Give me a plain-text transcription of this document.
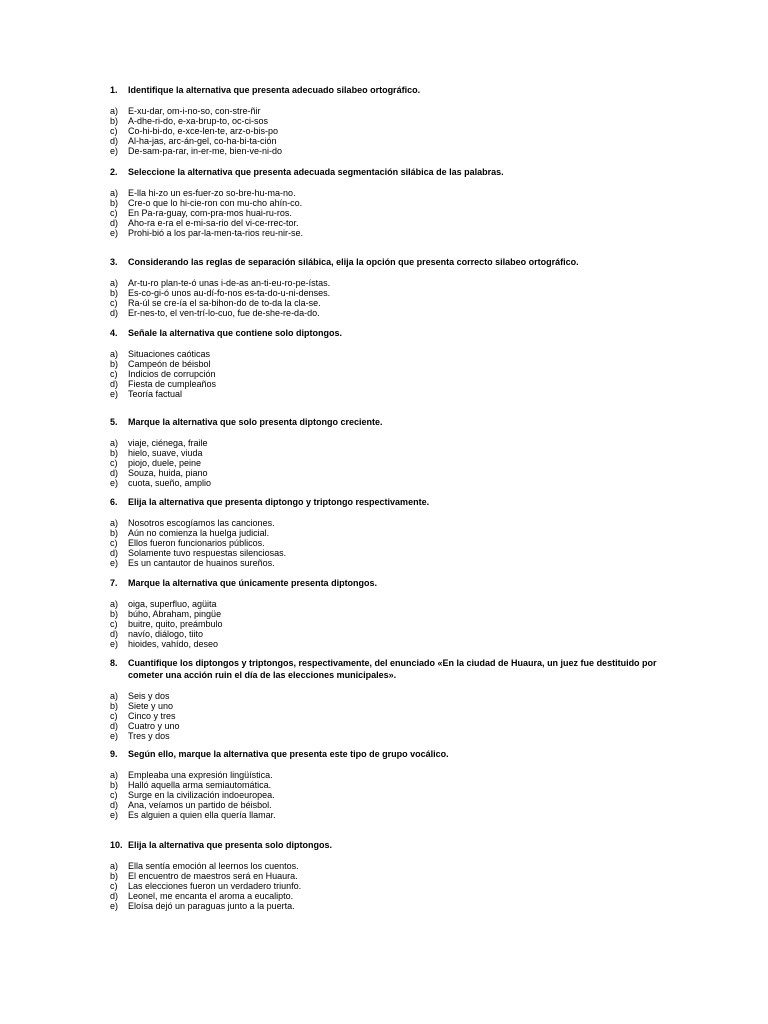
1.	Identifique la alternativa que presenta adecuado silabeo ortográfico.
a)	E-xu-dar, om-i-no-so, con-stre-ñir
b)	A-dhe-ri-do, e-xa-brup-to, oc-ci-sos
c)	Co-hi-bi-do, e-xce-len-te, arz-o-bis-po
d)	Al-ha-jas, arc-án-gel, co-ha-bi-ta-ción
e)	De-sam-pa-rar, in-er-me, bien-ve-ni-do
2.	Seleccione la alternativa que presenta adecuada segmentación silábica de las palabras.
a)	E-lla hi-zo un es-fuer-zo so-bre-hu-ma-no.
b)	Cre-o que lo hi-cie-ron con mu-cho ahín-co.
c)	En Pa-ra-guay, com-pra-mos huai-ru-ros.
d)	Aho-ra e-ra el e-mi-sa-rio del vi-ce-rrec-tor.
e)	Prohi-bió a los par-la-men-ta-rios reu-nir-se.
3.	Considerando las reglas de separación silábica, elija la opción que presenta correcto silabeo ortográfico.
a)	Ar-tu-ro plan-te-ó unas i-de-as an-ti-eu-ro-pe-ístas.
b)	Es-co-gi-ó unos au-dí-fo-nos es-ta-do-u-ni-denses.
c)	Ra-úl se cre-ía el sa-bihon-do de to-da la cla-se.
d)	Er-nes-to, el ven-trí-lo-cuo, fue de-she-re-da-do.
4.	Señale la alternativa que contiene solo diptongos.
a)	Situaciones caóticas
b)	Campeón de béisbol
c)	Indicios de corrupción
d)	Fiesta de cumpleaños
e)	Teoría factual
5.	Marque la alternativa que solo presenta diptongo creciente.
a)	viaje, ciénega, fraile
b)	hielo, suave, viuda
c)	piojo, duele, peine
d)	Souza, huida, piano
e)	cuota, sueño, amplio
6.	Elija la alternativa que presenta diptongo y triptongo respectivamente.
a)	Nosotros escogíamos las canciones.
b)	Aún no comienza la huelga judicial.
c)	Ellos fueron funcionarios públicos.
d)	Solamente tuvo respuestas silenciosas.
e)	Es un cantautor de huainos sureños.
7.	Marque la alternativa que únicamente presenta diptongos.
a)	oiga, superfluo, agüita
b)	búho, Abraham, pingüe
c)	buitre, quito, preámbulo
d)	navío, diálogo, tiito
e)	hioides, vahído, deseo
8.	Cuantifique los diptongos y triptongos, respectivamente, del enunciado «En la ciudad de Huaura, un juez fue destituido por cometer una acción ruin el día de las elecciones municipales».
a)	Seis y dos
b)	Siete y uno
c)	Cinco y tres
d)	Cuatro y uno
e)	Tres y dos
9.	Según ello, marque la alternativa que presenta este tipo de grupo vocálico.
a)	Empleaba una expresión lingüística.
b)	Halló aquella arma semiautomática.
c)	Surge en la civilización indoeuropea.
d)	Ana, veíamos un partido de béisbol.
e)	Es alguien a quien ella quería llamar.
10. Elija la alternativa que presenta solo diptongos.
a)	Ella sentía emoción al leernos los cuentos.
b)	El encuentro de maestros será en Huaura.
c)	Las elecciones fueron un verdadero triunfo.
d)	Leonel, me encanta el aroma a eucalipto.
e)	Eloísa dejó un paraguas junto a la puerta.
